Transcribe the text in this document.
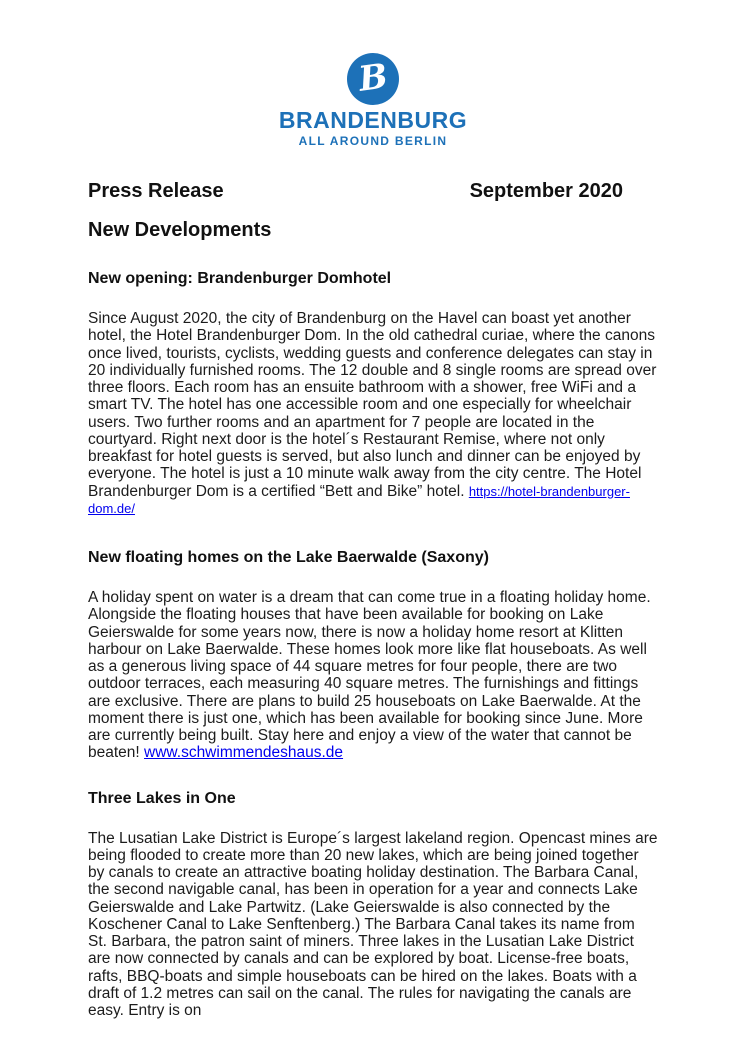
B
BRANDENBURG
ALL AROUND BERLIN
Press Release	September 2020
New Developments
New opening: Brandenburger Domhotel

Since August 2020, the city of Brandenburg on the Havel can boast yet another hotel, the Hotel Brandenburger Dom. In the old cathedral curiae, where the canons once lived, tourists, cyclists, wedding guests and conference delegates can stay in 20 individually furnished rooms. The 12 double and 8 single rooms are spread over three floors. Each room has an ensuite bathroom with a shower, free WiFi and a smart TV. The hotel has one accessible room and one especially for wheelchair users. Two further rooms and an apartment for 7 people are located in the courtyard. Right next door is the hotel´s Restaurant Remise, where not only breakfast for hotel guests is served, but also lunch and dinner can be enjoyed by everyone. The hotel is just a 10 minute walk away from the city centre. The Hotel Brandenburger Dom is a certified “Bett and Bike” hotel. https://hotel-brandenburger-dom.de/

New floating homes on the Lake Baerwalde (Saxony)

A holiday spent on water is a dream that can come true in a floating holiday home. Alongside the floating houses that have been available for booking on Lake Geierswalde for some years now, there is now a holiday home resort at Klitten harbour on Lake Baerwalde. These homes look more like flat houseboats. As well as a generous living space of 44 square metres for four people, there are two outdoor terraces, each measuring 40 square metres. The furnishings and fittings are exclusive. There are plans to build 25 houseboats on Lake Baerwalde. At the moment there is just one, which has been available for booking since June. More are currently being built. Stay here and enjoy a view of the water that cannot be beaten! www.schwimmendeshaus.de

Three Lakes in One

The Lusatian Lake District is Europe´s largest lakeland region. Opencast mines are being flooded to create more than 20 new lakes, which are being joined together by canals to create an attractive boating holiday destination. The Barbara Canal, the second navigable canal, has been in operation for a year and connects Lake Geierswalde and Lake Partwitz. (Lake Geierswalde is also connected by the Koschener Canal to Lake Senftenberg.) The Barbara Canal takes its name from St. Barbara, the patron saint of miners. Three lakes in the Lusatian Lake District are now connected by canals and can be explored by boat. License-free boats, rafts, BBQ-boats and simple houseboats can be hired on the lakes. Boats with a draft of 1.2 metres can sail on the canal. The rules for navigating the canals are easy. Entry is on
